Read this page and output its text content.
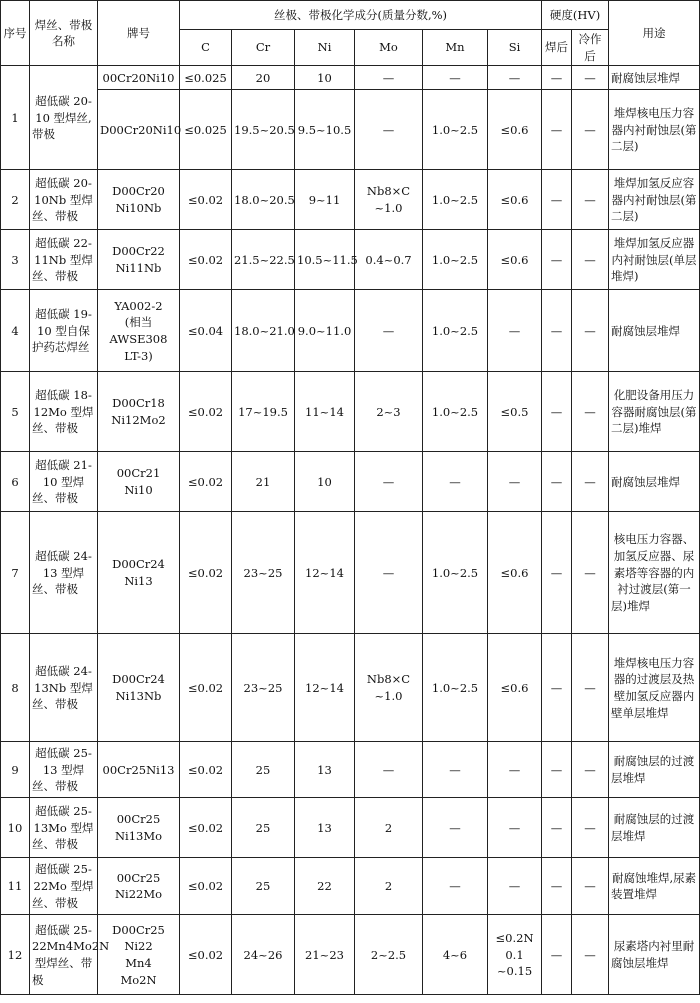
序号	焊丝、带极名称	牌号	丝极、带极化学成分(质量分数,%)						硬度(HV)		用途
			C	Cr	Ni	Mo	Mn	Si	焊后	冷作后	
1	超低碳 20-10 型焊丝,带极	00Cr20Ni10	≤0.025	20	10	—	—	—	—	—	耐腐蚀层堆焊

		D00Cr20Ni10	≤0.025	19.5~20.5	9.5~10.5	—	1.0~2.5	≤0.6	—	—	堆焊核电压力容器内衬耐蚀层(第二层)
2	超低碳 20-10Nb 型焊丝、带极	D00Cr20
Ni10Nb	≤0.02	18.0~20.5	9~11	Nb8×C
~1.0	1.0~2.5	≤0.6	—	—	堆焊加氢反应容器内衬耐蚀层(第二层)
3	超低碳 22-11Nb 型焊丝、带极	D00Cr22
Ni11Nb	≤0.02	21.5~22.5	10.5~11.5	0.4~0.7	1.0~2.5	≤0.6	—	—	堆焊加氢反应器内衬耐蚀层(单层堆焊)
4	超低碳 19-10 型自保护药芯焊丝	YA002-2
(相当
AWSE308
LT-3)	≤0.04	18.0~21.0	9.0~11.0	—	1.0~2.5	—	—	—	耐腐蚀层堆焊
5	超低碳 18-12Mo 型焊丝、带极	D00Cr18
Ni12Mo2	≤0.02	17~19.5	11~14	2~3	1.0~2.5	≤0.5	—	—	化肥设备用压力容器耐腐蚀层(第二层)堆焊
6	超低碳 21-10 型焊丝、带极	00Cr21
Ni10	≤0.02	21	10	—	—	—	—	—	耐腐蚀层堆焊
7	超低碳 24-13 型焊丝、带极	D00Cr24
Ni13	≤0.02	23~25	12~14	—	1.0~2.5	≤0.6	—	—	核电压力容器、加氢反应器、尿素塔等容器的内衬过渡层(第一层)堆焊
8	超低碳 24-13Nb 型焊丝、带极	D00Cr24
Ni13Nb	≤0.02	23~25	12~14	Nb8×C
~1.0	1.0~2.5	≤0.6	—	—	堆焊核电压力容器的过渡层及热壁加氢反应器内壁单层堆焊
9	超低碳 25-13 型焊丝、带极	00Cr25Ni13	≤0.02	25	13	—	—	—	—	—	耐腐蚀层的过渡层堆焊
10	超低碳 25-13Mo 型焊丝、带极	00Cr25
Ni13Mo	≤0.02	25	13	2	—	—	—	—	耐腐蚀层的过渡层堆焊
11	超低碳 25-22Mo 型焊丝、带极	00Cr25
Ni22Mo	≤0.02	25	22	2	—	—	—	—	耐腐蚀堆焊,尿素装置堆焊
12	超低碳 25-22Mn4Mo2N 型焊丝、带极	D00Cr25
Ni22
Mn4
Mo2N	≤0.02	24~26	21~23	2~2.5	4~6	≤0.2N
0.1
~0.15	—	—	尿素塔内衬里耐腐蚀层堆焊
